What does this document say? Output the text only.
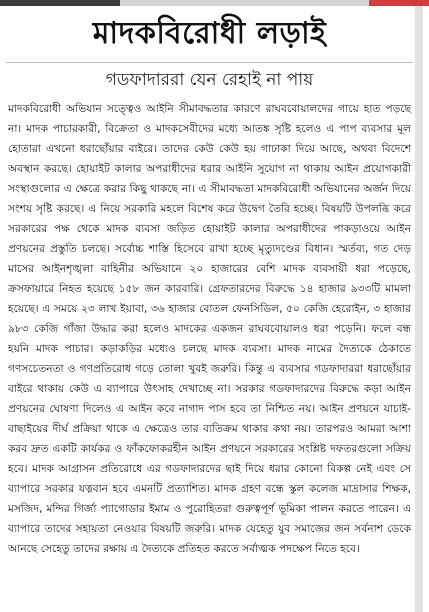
মাদকবিরোধী লড়াই
গডফাদাররা যেন রেহাই না পায়

মাদকবিরোধী অভিযান সত্ত্বেও আইনি সীমাবদ্ধতার কারণে রাঘববোয়ালদের গায়ে হাত পড়ছে না। মাদক পাচারকারী, বিক্রেতা ও মাদকসেবীদের মধ্যে আতঙ্ক সৃষ্টি হলেও এ পাপ ব্যবসার মূল হোতারা এখনো ধরাছোঁয়ার বাইরে। তাদের কেউ কেউ হয় গাঢাকা দিয়ে আছে, অথবা বিদেশে অবস্থান করছে। হোয়াইট কালার অপরাধীদের ধরার আইনি সুযোগ না থাকায় আইন প্রয়োগকারী সংস্থাগুলোর এ ক্ষেত্রে করার কিছু থাকছে না। এ সীমাবদ্ধতা মাদকবিরোধী অভিযানের অর্জন দিয়ে সংশয় সৃষ্টি করছে। এ নিয়ে সরকারি মহলে বিশেষ করে উদ্বেগ তৈরি হচ্ছে। বিষয়টি উপলব্ধি করে সরকারের পক্ষ থেকে মাদক ব্যবসা জড়িত হোয়াইট কালার অপরাধীদের পাকড়াওয়ে আইন প্রণয়নের প্রস্তুতি চলছে। সর্বোচ্চ শাস্তি হিসেবে রাখা হচ্ছে মৃত্যুদণ্ডের বিধান। স্মর্তব্য, গত দেড় মাসের আইনশৃঙ্খলা বাহিনীর অভিযানে ২০ হাজারের বেশি মাদক ব্যবসায়ী ধরা পড়েছে, ক্রসফায়ারে নিহত হয়েছে ১৫৮ জন কারবারি। গ্রেফতারদের বিরুদ্ধে ১৪ হাজার ৯৩৩টি মামলা হয়েছে। এ সময়ে ২৩ লাখ ইয়াবা, ৩৬ হাজার বোতল ফেনসিডিল, ৫০ কেজি হেরোইন, ৩ হাজার ৯৮৩ কেজি গাঁজা উদ্ধার করা হলেও মাদকের একজন রাঘববোয়ালও ধরা পড়েনি। ফলে বন্ধ হয়নি মাদক পাচার। কড়াকড়ির মধ্যেও চলছে মাদক ব্যবসা। মাদক নামের দৈত্যকে ঠেকাতে গণসচেতনতা ও গণপ্রতিরোধ গড়ে তোলা খুবই জরুরি। কিন্তু এ ব্যবসার গডফাদাররা ধরাছোঁয়ার বাইরে থাকায় কেউ এ ব্যাপারে উৎসাহ দেখাচ্ছে না। সরকার গডফাদারদের বিরুদ্ধে কড়া আইন প্রণয়নের ঘোষণা দিলেও এ আইন কবে নাগাদ পাস হবে তা নিশ্চিত নয়। আইন প্রণয়নে যাচাই-বাছাইয়ের দীর্ঘ প্রক্রিয়া থাকে এ ক্ষেত্রেও তার ব্যতিক্রম থাকার কথা নয়। তারপরও আমরা আশা করব দ্রুত একটি কার্যকর ও ফাঁকফোকরহীন আইন প্রণয়নে সরকারের সংশ্লিষ্ট দফতরগুলো সক্রিয় হবে। মাদক আগ্রাসন প্রতিরোধে এর গডফাদারদের ছাই দিয়ে ধরার কোনো বিকল্প নেই এবং সে ব্যাপারে সরকার যত্নবান হবে এমনটি প্রত্যাশিত। মাদক গ্রহণ বন্ধে স্কুল কলেজ মাদ্রাসার শিক্ষক, মসজিদ, মন্দির গির্জা প্যাগোডার ইমাম ও পুরোহিতরা গুরুত্বপূর্ণ ভূমিকা পালন করতে পারেন। এ ব্যাপারে তাদের সহায়তা নেওয়ার বিষয়টি জরুরি। মাদক যেহেতু যুব সমাজের জন সর্বনাশ ডেকে আনছে সেহেতু তাদের রক্ষায় এ দৈত্যকে প্রতিহত করতে সর্বাত্মক পদক্ষেপ নিতে হবে।
